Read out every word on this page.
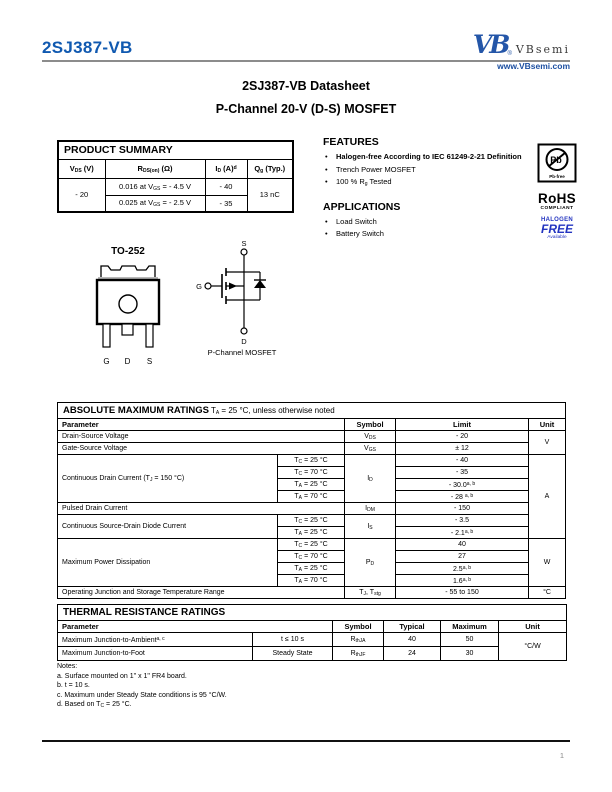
2SJ387-VB	VB ® VBsemi
www.VBsemi.com
2SJ387-VB Datasheet
P-Channel 20-V (D-S) MOSFET
PRODUCT SUMMARY			
$V_{DS}$ (V)	$R_{DS(on)}$ (Ω)	$I_D$ $(A)^d$	$Q_g$ (Typ.)
- 20	0.016 at $V_{GS}$ = - 4.5 V	- 40	13 nC
	0.025 at $V_{GS}$ = - 2.5 V	- 35	
FEATURES
• Halogen-free According to IEC 61249-2-21 Definition
• Trench Power MOSFET
• 100 % $R_g$ Tested
APPLICATIONS
• Load Switch
• Battery Switch
Pb
Pb-free
RoHS
COMPLIANT
HALOGEN
FREE
Available
TO-252

G D S
S
G
D
P-Channel MOSFET
ABSOLUTE MAXIMUM RATINGS $T_A = 25$ °C, unless otherwise noted				
Parameter		Symbol	Limit	Unit
Drain-Source Voltage		$V_{DS}$	- 20	V
Gate-Source Voltage		$V_{GS}$	± 12	
Continuous Drain Current ($T_J = 150$ °C)	$T_C = 25$ °C	$I_D$	- 40	A
	$T_C = 70$ °C		- 35	
	$T_A = 25$ °C		- 30.0$^{a, b}$
	$T_A = 70$ °C		- 28 $^{a, b}$
Pulsed Drain Current		$I_{DM}$	- 150	
Continuous Source-Drain Diode Current	$T_C = 25$ °C	$I_S$	- 3.5	
	$T_A = 25$ °C		- 2.1$^{a, b}$
Maximum Power Dissipation	$T_C = 25$ °C	$P_D$	40	W
	$T_C = 70$ °C		27	
	$T_A = 25$ °C		2.5$^{a, b}$
	$T_A = 70$ °C		1.6$^{a, b}$
Operating Junction and Storage Temperature Range		$T_J$, $T_{stg}$	- 55 to 150	°C
THERMAL RESISTANCE RATINGS					
Parameter		Symbol	Typical	Maximum	Unit
Maximum Junction-to-Ambient$^{a, c}$	t ≤ 10 s	$R_{thJA}$	40	50	°C/W
Maximum Junction-to-Foot	Steady State	$R_{thJF}$	24	30	
Notes:
a. Surface mounted on 1" x 1" FR4 board.
b. t = 10 s.
c. Maximum under Steady State conditions is 95 °C/W.
d. Based on $T_C = 25$ °C.
1
